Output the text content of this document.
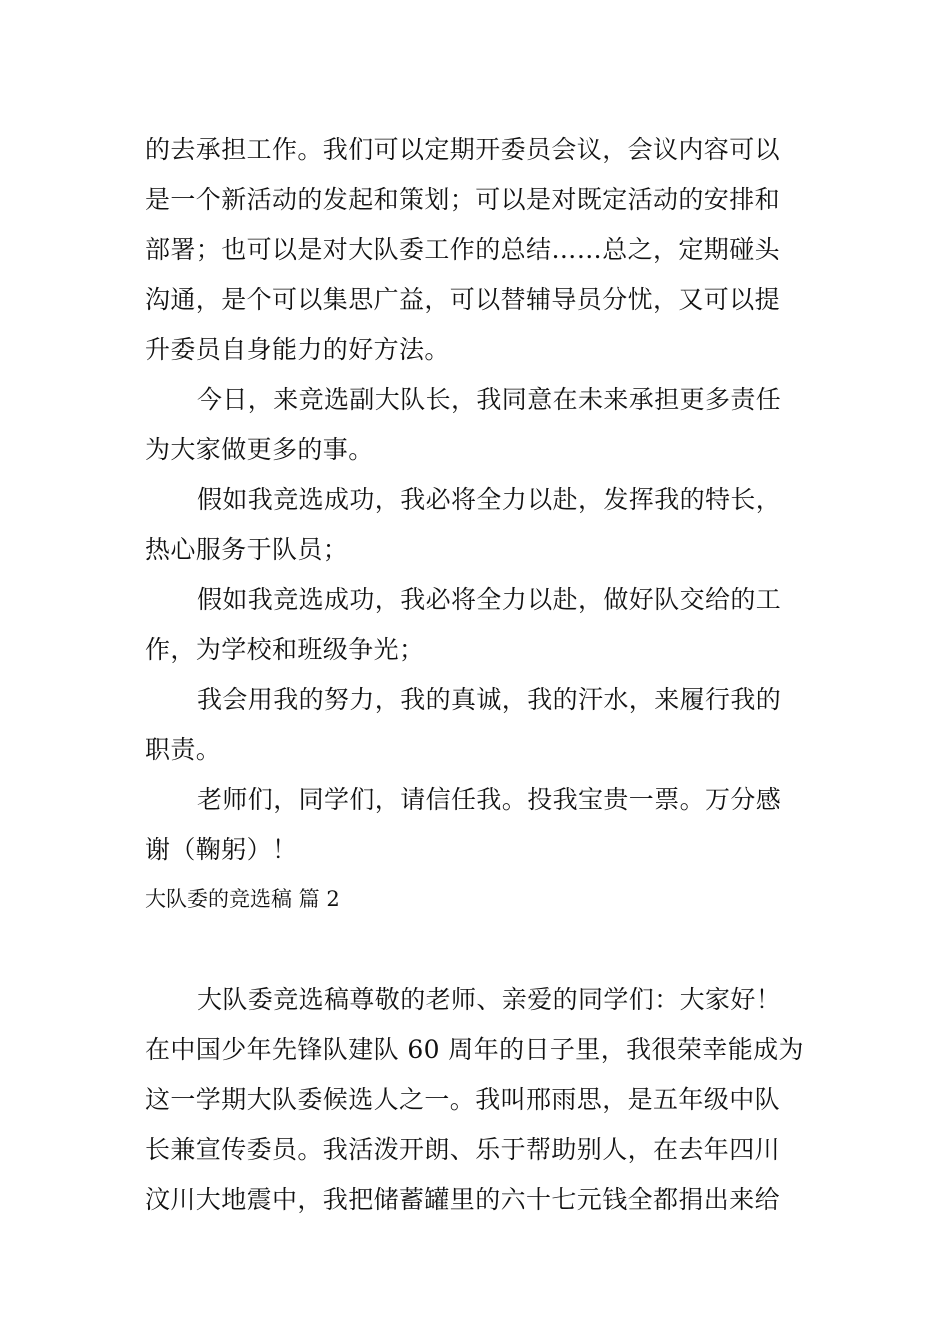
的去承担工作。我们可以定期开委员会议，会议内容可以
是一个新活动的发起和策划；可以是对既定活动的安排和
部署；也可以是对大队委工作的总结……总之，定期碰头
沟通，是个可以集思广益，可以替辅导员分忧，又可以提
升委员自身能力的好方法。
今日，来竞选副大队长，我同意在未来承担更多责任
为大家做更多的事。
假如我竞选成功，我必将全力以赴，发挥我的特长，
热心服务于队员；
假如我竞选成功，我必将全力以赴，做好队交给的工
作，为学校和班级争光；
我会用我的努力，我的真诚，我的汗水，来履行我的
职责。
老师们，同学们，请信任我。投我宝贵一票。万分感
谢（鞠躬）！
大队委的竞选稿 篇 2
大队委竞选稿尊敬的老师、亲爱的同学们：大家好！
在中国少年先锋队建队 60 周年的日子里，我很荣幸能成为
这一学期大队委候选人之一。我叫邢雨思，是五年级中队
长兼宣传委员。我活泼开朗、乐于帮助别人，在去年四川
汶川大地震中，我把储蓄罐里的六十七元钱全都捐出来给
